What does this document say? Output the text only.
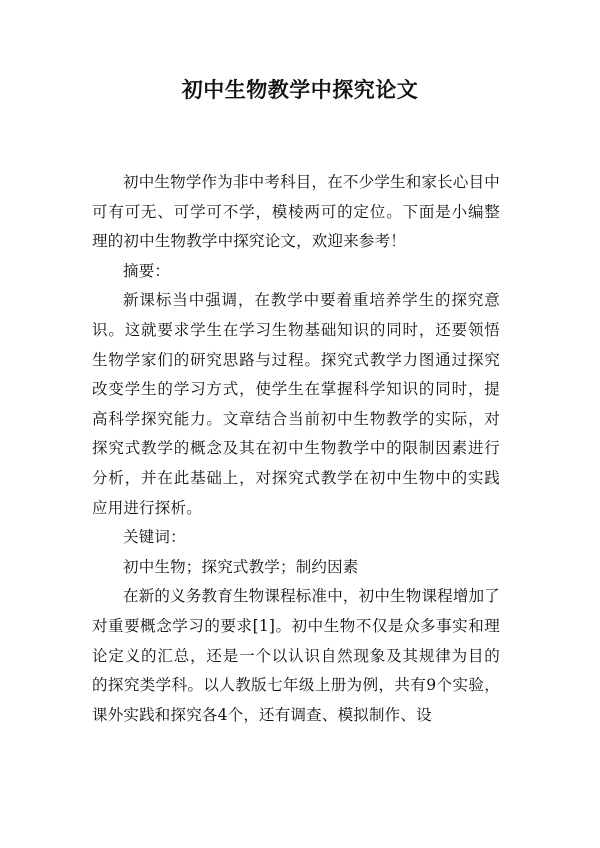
初中生物教学中探究论文

初中生物学作为非中考科目，在不少学生和家长心目中可有可无、可学可不学，模棱两可的定位。下面是小编整理的初中生物教学中探究论文，欢迎来参考！

摘要：

新课标当中强调，在教学中要着重培养学生的探究意识。这就要求学生在学习生物基础知识的同时，还要领悟生物学家们的研究思路与过程。探究式教学力图通过探究改变学生的学习方式，使学生在掌握科学知识的同时，提高科学探究能力。文章结合当前初中生物教学的实际，对探究式教学的概念及其在初中生物教学中的限制因素进行分析，并在此基础上，对探究式教学在初中生物中的实践应用进行探析。

关键词：

初中生物；探究式教学；制约因素

在新的义务教育生物课程标准中，初中生物课程增加了对重要概念学习的要求[1]。初中生物不仅是众多事实和理论定义的汇总，还是一个以认识自然现象及其规律为目的的探究类学科。以人教版七年级上册为例，共有9个实验，课外实践和探究各4个，还有调查、模拟制作、设
